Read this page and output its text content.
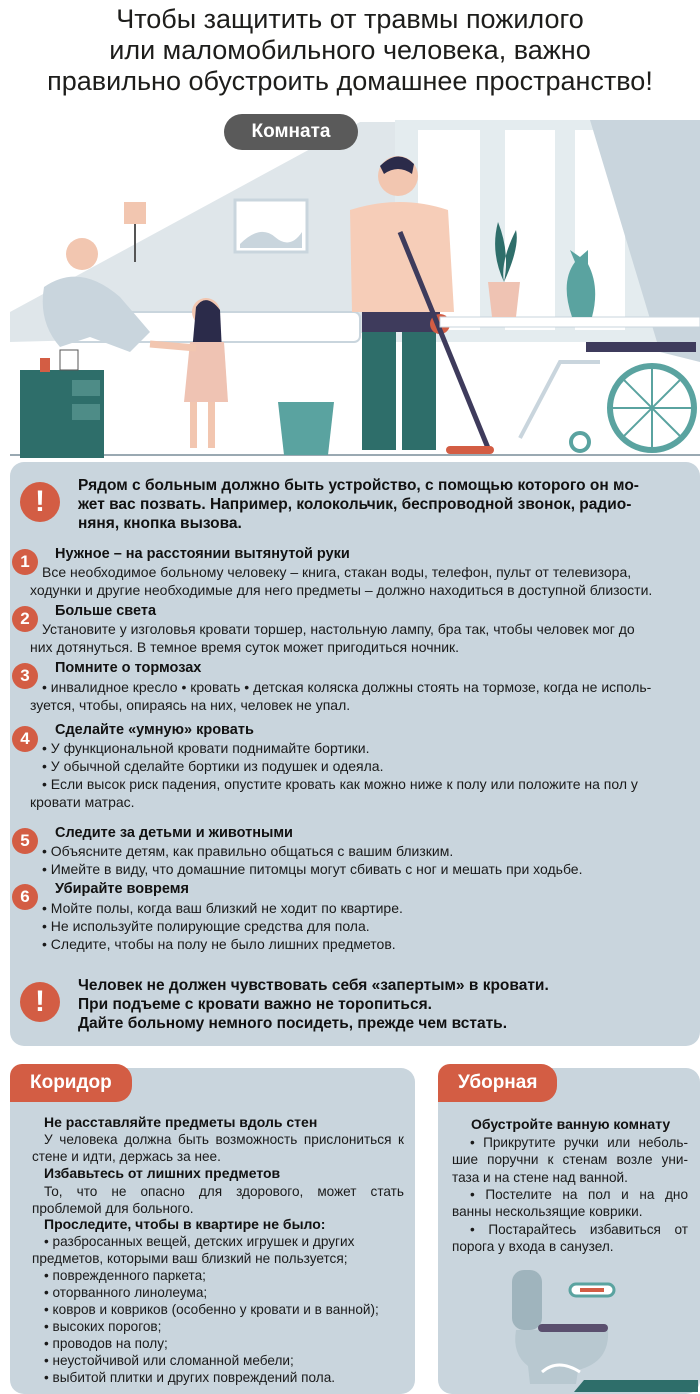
Чтобы защитить от травмы пожилого
или маломобильного человека, важно
правильно обустроить домашнее пространство!
Комната
!	Рядом с больным должно быть устройство, с помощью которого он мо-
жет вас позвать. Например, колокольчик, беспроводной звонок, радио-
няня, кнопка вызова.
1	Нужное – на расстоянии вытянутой руки
Все необходимое больному человеку – книга, стакан воды, телефон, пульт от телевизора,
ходунки и другие необходимые для него предметы – должно находиться в доступной близости.
2	Больше света
Установите у изголовья кровати торшер, настольную лампу, бра так, чтобы человек мог до
них дотянуться. В темное время суток может пригодиться ночник.
3	Помните о тормозах
• инвалидное кресло • кровать • детская коляска должны стоять на тормозе, когда не исполь-
зуется, чтобы, опираясь на них, человек не упал.
4	Сделайте «умную» кровать
• У функциональной кровати поднимайте бортики.
• У обычной сделайте бортики из подушек и одеяла.
• Если высок риск падения, опустите кровать как можно ниже к полу или положите на пол у
кровати матрас.
5	Следите за детьми и животными
• Объясните детям, как правильно общаться с вашим близким.
• Имейте в виду, что домашние питомцы могут сбивать с ног и мешать при ходьбе.
6	Убирайте вовремя
• Мойте полы, когда ваш близкий не ходит по квартире.
• Не используйте полирующие средства для пола.
• Следите, чтобы на полу не было лишних предметов.
!	Человек не должен чувствовать себя «запертым» в кровати.
При подъеме с кровати важно не торопиться.
Дайте больному немного посидеть, прежде чем встать.
Коридор
Не расставляйте предметы вдоль стен
У человека должна быть возможность прислониться к стене и идти, держась за нее.
Избавьтесь от лишних предметов
То, что не опасно для здорового, может стать проблемой для больного.
Проследите, чтобы в квартире не было:
• разбросанных вещей, детских игрушек и других
предметов, которыми ваш близкий не пользуется;
• поврежденного паркета;
• оторванного линолеума;
• ковров и ковриков (особенно у кровати и в ванной);
• высоких порогов;
• проводов на полу;
• неустойчивой или сломанной мебели;
• выбитой плитки и других повреждений пола.
Уборная
Обустройте ванную комнату
• Прикрутите ручки или неболь-шие поручни к стенам возле уни-таза и на стене над ванной.
• Постелите на пол и на дно ванны нескользящие коврики.
• Постарайтесь избавиться от порога у входа в санузел.
